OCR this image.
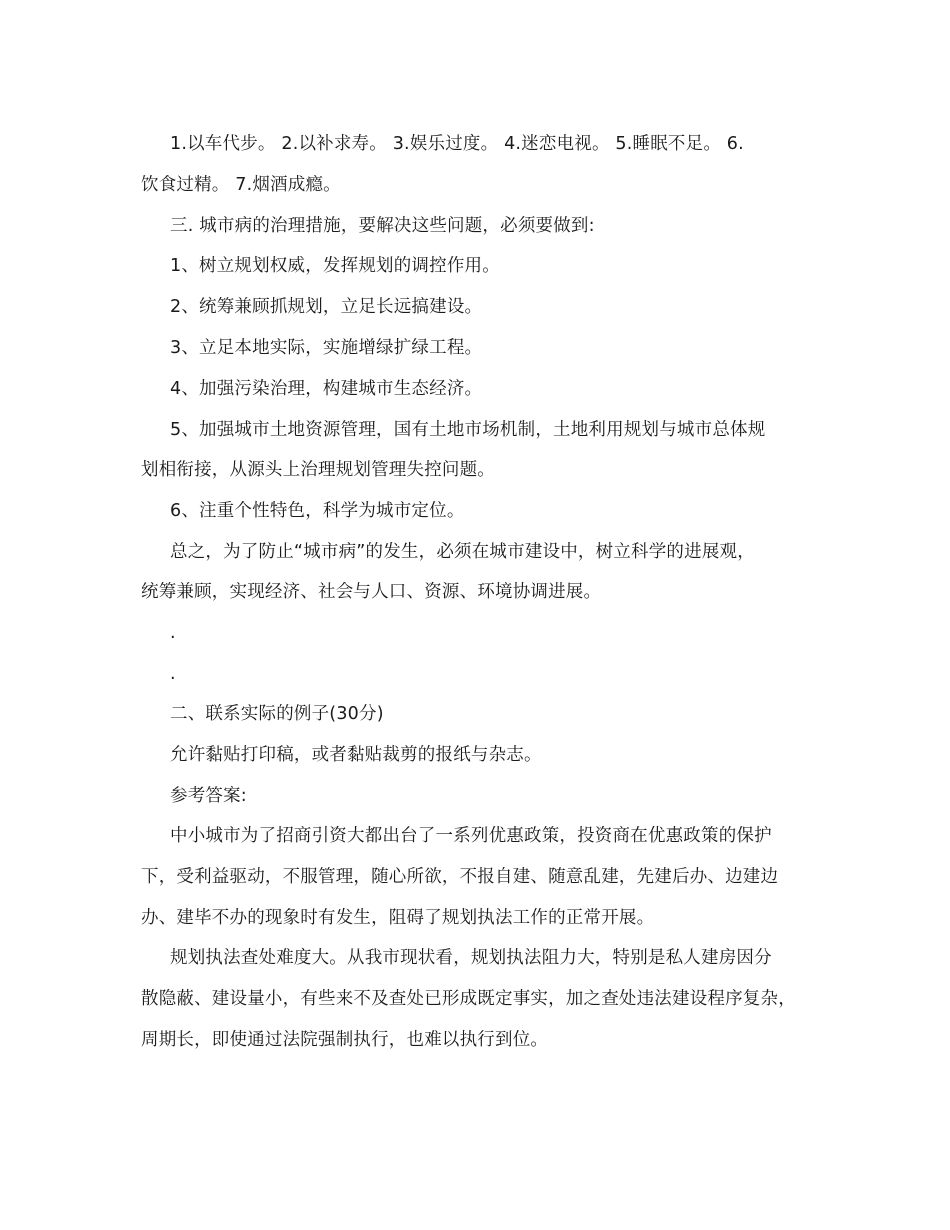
1.以车代步。 2.以补求寿。 3.娱乐过度。 4.迷恋电视。 5.睡眠不足。 6.
饮食过精。 7.烟酒成瘾。
三. 城市病的治理措施，要解决这些问题，必须要做到:
1、树立规划权威，发挥规划的调控作用。
2、统筹兼顾抓规划，立足长远搞建设。
3、立足本地实际，实施增绿扩绿工程。
4、加强污染治理，构建城市生态经济。
5、加强城市土地资源管理，国有土地市场机制，土地利用规划与城市总体规
划相衔接，从源头上治理规划管理失控问题。
6、注重个性特色，科学为城市定位。
总之，为了防止“城市病”的发生，必须在城市建设中，树立科学的进展观，
统筹兼顾，实现经济、社会与人口、资源、环境协调进展。
.
.
二、联系实际的例子(30分)
允许黏贴打印稿，或者黏贴裁剪的报纸与杂志。
参考答案:
中小城市为了招商引资大都出台了一系列优惠政策，投资商在优惠政策的保护
下，受利益驱动，不服管理，随心所欲，不报自建、随意乱建，先建后办、边建边
办、建毕不办的现象时有发生，阻碍了规划执法工作的正常开展。
规划执法查处难度大。从我市现状看，规划执法阻力大，特别是私人建房因分
散隐蔽、建设量小，有些来不及查处已形成既定事实，加之查处违法建设程序复杂，
周期长，即使通过法院强制执行，也难以执行到位。
